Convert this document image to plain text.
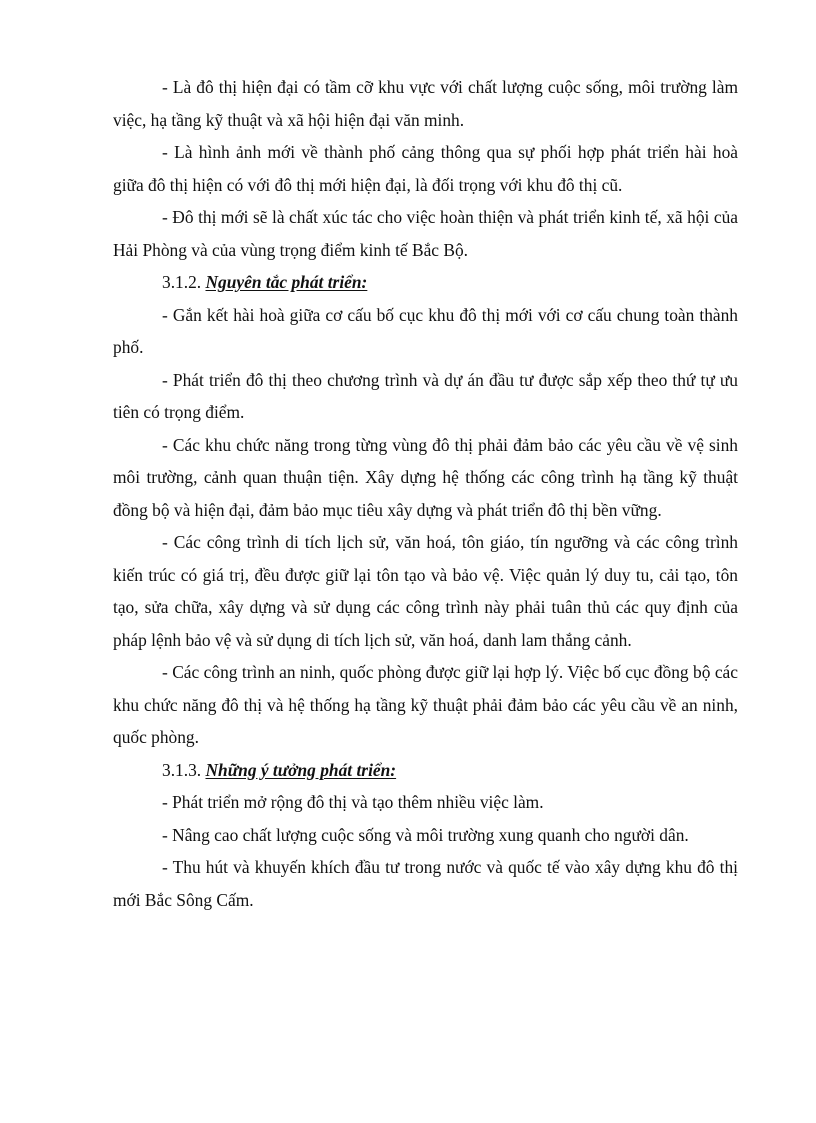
- Là đô thị hiện đại có tầm cỡ khu vực với chất lượng cuộc sống, môi trường làm việc, hạ tầng kỹ thuật và xã hội hiện đại văn minh.

- Là hình ảnh mới về thành phố cảng thông qua sự phối hợp phát triển hài hoà giữa đô thị hiện có với đô thị mới hiện đại, là đối trọng với khu đô thị cũ.

- Đô thị mới sẽ là chất xúc tác cho việc hoàn thiện và phát triển kinh tế, xã hội của Hải Phòng và của vùng trọng điểm kinh tế Bắc Bộ.

3.1.2. Nguyên tắc phát triển:

- Gắn kết hài hoà giữa cơ cấu bố cục khu đô thị mới với cơ cấu chung toàn thành phố.

- Phát triển đô thị theo chương trình và dự án đầu tư được sắp xếp theo thứ tự ưu tiên có trọng điểm.

- Các khu chức năng trong từng vùng đô thị phải đảm bảo các yêu cầu về vệ sinh môi trường, cảnh quan thuận tiện. Xây dựng hệ thống các công trình hạ tầng kỹ thuật đồng bộ và hiện đại, đảm bảo mục tiêu xây dựng và phát triển đô thị bền vững.

- Các công trình di tích lịch sử, văn hoá, tôn giáo, tín ngưỡng và các công trình kiến trúc có giá trị, đều được giữ lại tôn tạo và bảo vệ. Việc quản lý duy tu, cải tạo, tôn tạo, sửa chữa, xây dựng và sử dụng các công trình này phải tuân thủ các quy định của pháp lệnh bảo vệ và sử dụng di tích lịch sử, văn hoá, danh lam thắng cảnh.

- Các công trình an ninh, quốc phòng được giữ lại hợp lý. Việc bố cục đồng bộ các khu chức năng đô thị và hệ thống hạ tầng kỹ thuật phải đảm bảo các yêu cầu về an ninh, quốc phòng.

3.1.3. Những ý tưởng phát triển:

- Phát triển mở rộng đô thị và tạo thêm nhiều việc làm.

- Nâng cao chất lượng cuộc sống và môi trường xung quanh cho người dân.

- Thu hút và khuyến khích đầu tư trong nước và quốc tế vào xây dựng khu đô thị mới Bắc Sông Cấm.
